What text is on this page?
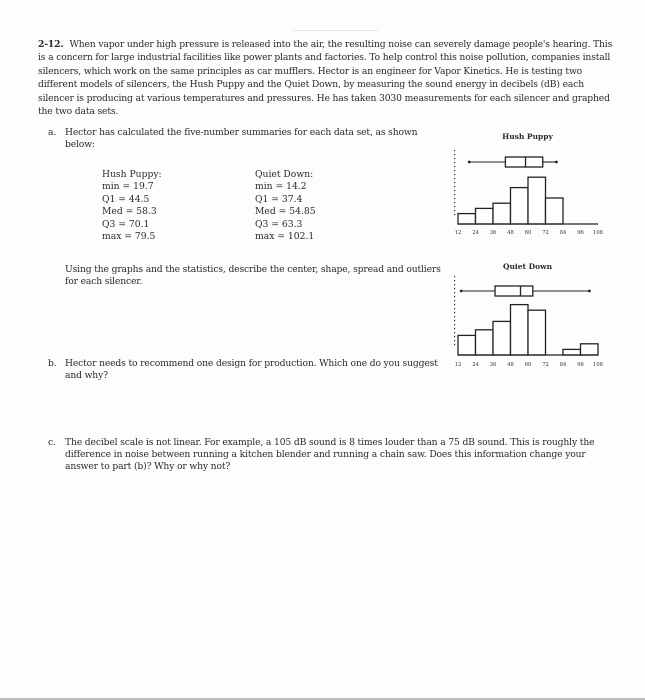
2-12. When vapor under high pressure is released into the air, the resulting noise can severely damage people's hearing. This is a concern for large industrial facilities like power plants and factories. To help control this noise pollution, companies install silencers, which work on the same principles as car mufflers. Hector is an engineer for Vapor Kinetics. He is testing two different models of silencers, the Hush Puppy and the Quiet Down, by measuring the sound energy in decibels (dB) each silencer is producing at various temperatures and pressures. He has taken 3030 measurements for each silencer and graphed the two data sets.
a. Hector has calculated the five-number summaries for each data set, as shown below:
Hush Puppy:
min = 19.7
Q1 = 44.5
Med = 58.3
Q3 = 70.1
max = 79.5
Quiet Down:
min = 14.2
Q1 = 37.4
Med = 54.85
Q3 = 63.3
max = 102.1
Using the graphs and the statistics, describe the center, shape, spread and outliers for each silencer.
b. Hector needs to recommend one design for production. Which one do you suggest and why?
c. The decibel scale is not linear. For example, a 105 dB sound is 8 times louder than a 75 dB sound. This is roughly the difference in noise between running a kitchen blender and running a chain saw. Does this information change your answer to part (b)? Why or why not?
Hush Puppy
12 24 36 48 60 72 84 96 108
Quiet Down
12 24 36 48 60 72 84 96 108
